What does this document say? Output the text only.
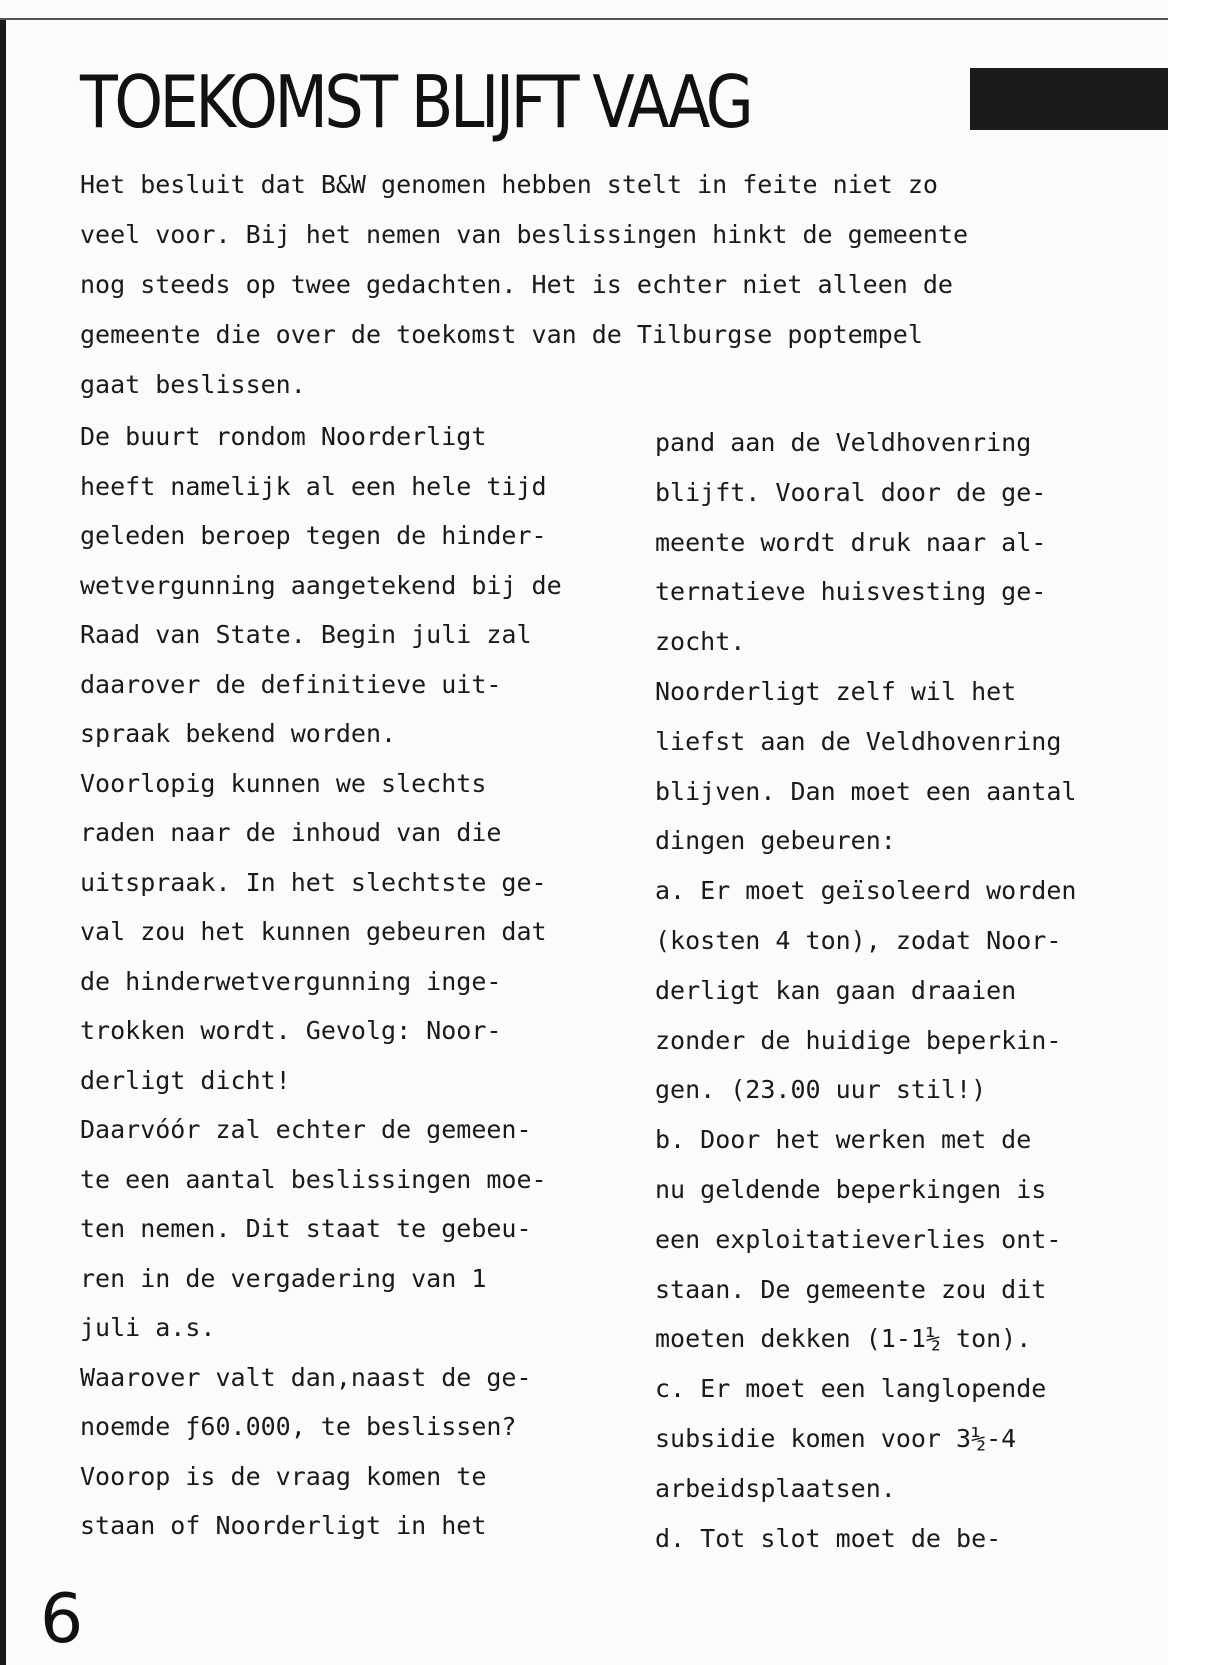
TOEKOMST BLIJFT VAAG

Het besluit dat B&W genomen hebben stelt in feite niet zo

veel voor. Bij het nemen van beslissingen hinkt de gemeente

nog steeds op twee gedachten. Het is echter niet alleen de

gemeente die over de toekomst van de Tilburgse poptempel

gaat beslissen.

De buurt rondom Noorderligt
heeft namelijk al een hele tijd
geleden beroep tegen de hinder-
wetvergunning aangetekend bij de
Raad van State. Begin juli zal
daarover de definitieve uit-
spraak bekend worden.
Voorlopig kunnen we slechts
raden naar de inhoud van die
uitspraak. In het slechtste ge-
val zou het kunnen gebeuren dat
de hinderwetvergunning inge-
trokken wordt. Gevolg: Noor-
derligt dicht!
Daarvóór zal echter de gemeen-
te een aantal beslissingen moe-
ten nemen. Dit staat te gebeu-
ren in de vergadering van 1
juli a.s.
Waarover valt dan,naast de ge-
noemde ƒ60.000, te beslissen?
Voorop is de vraag komen te
staan of Noorderligt in het
pand aan de Veldhovenring
blijft. Vooral door de ge-
meente wordt druk naar al-
ternatieve huisvesting ge-
zocht.
Noorderligt zelf wil het
liefst aan de Veldhovenring
blijven. Dan moet een aantal
dingen gebeuren:
a. Er moet geïsoleerd worden
(kosten 4 ton), zodat Noor-
derligt kan gaan draaien
zonder de huidige beperkin-
gen. (23.00 uur stil!)
b. Door het werken met de
nu geldende beperkingen is
een exploitatieverlies ont-
staan. De gemeente zou dit
moeten dekken (1-1½ ton).
c. Er moet een langlopende
subsidie komen voor 3½-4
arbeidsplaatsen.
d. Tot slot moet de be-
6
